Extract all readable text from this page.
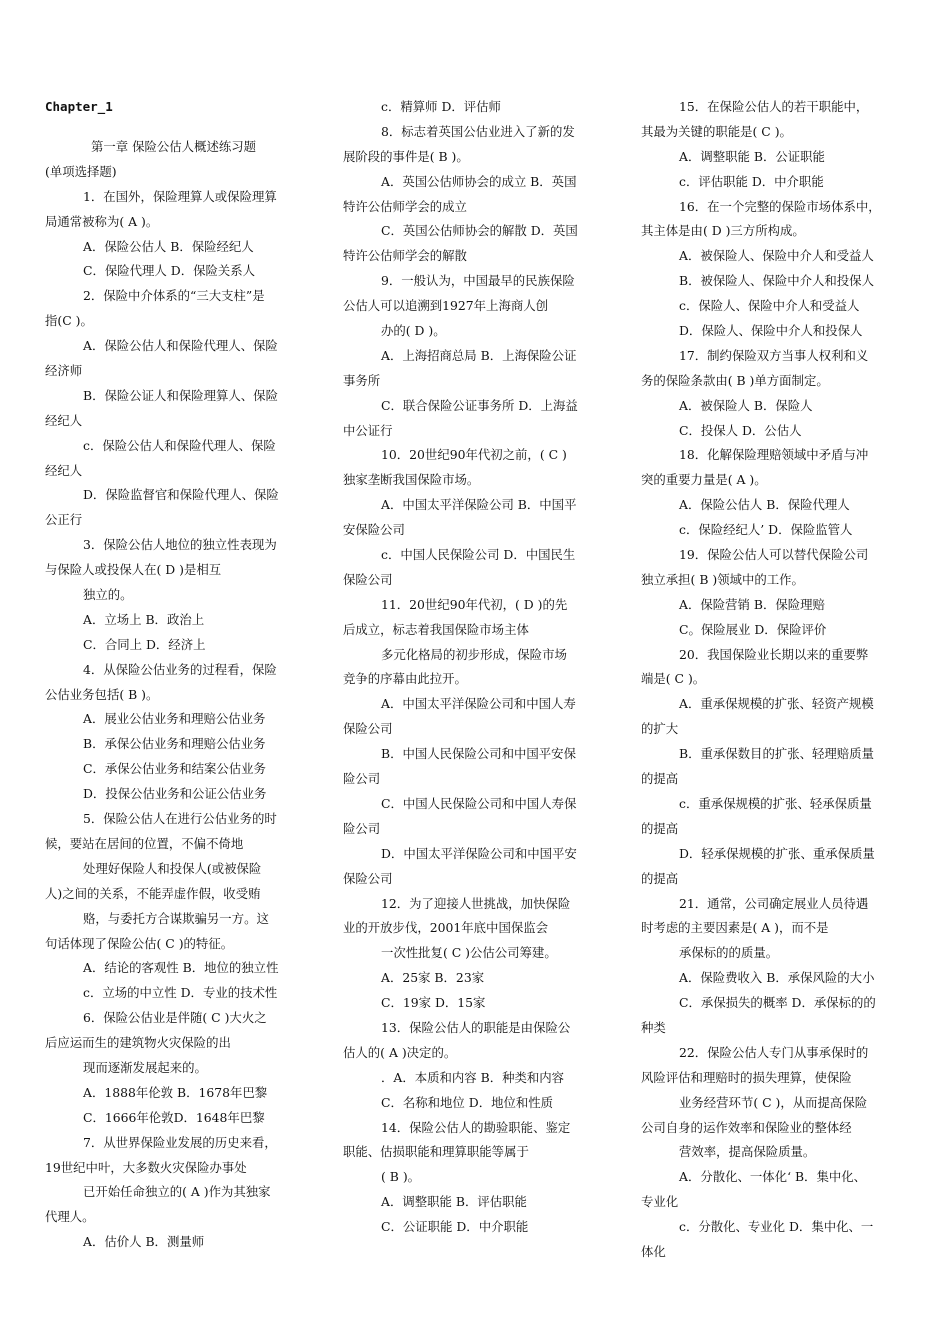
Chapter_1
第一章 保险公估人概述练习题
(单项选择题)
1．在国外，保险理算人或保险理算
局通常被称为( A )。
A．保险公估人 B．保险经纪人
C．保险代理人 D．保险关系人
2．保险中介体系的“三大支柱”是
指(C )。
A．保险公估人和保险代理人、保险
经济师
B．保险公证人和保险理算人、保险
经纪人
c．保险公估人和保险代理人、保险
经纪人
D．保险监督官和保险代理人、保险
公正行
3．保险公估人地位的独立性表现为
与保险人或投保人在( D )是相互
独立的。
A．立场上 B．政治上
C．合同上 D．经济上
4．从保险公估业务的过程看，保险
公估业务包括( B )。
A．展业公估业务和理赔公估业务
B．承保公估业务和理赔公估业务
C．承保公估业务和结案公估业务
D．投保公估业务和公证公估业务
5．保险公估人在进行公估业务的时
候，要站在居间的位置，不偏不倚地
处理好保险人和投保人(或被保险
人)之间的关系，不能弄虚作假，收受贿
赂，与委托方合谋欺骗另一方。这
句话体现了保险公估( C )的特征。
A．结论的客观性 B．地位的独立性
c．立场的中立性 D．专业的技术性
6．保险公估业是伴随( C )大火之
后应运而生的建筑物火灾保险的出
现而逐渐发展起来的。
A．1888年伦敦 B．1678年巴黎
C．1666年伦敦D．1648年巴黎
7．从世界保险业发展的历史来看，
19世纪中叶，大多数火灾保险办事处
已开始任命独立的( A )作为其独家
代理人。
A．估价人 B．测量师
c．精算师 D．评估师
8．标志着英国公估业进入了新的发
展阶段的事件是( B )。
A．英国公估师协会的成立 B．英国
特许公估师学会的成立
C．英国公估师协会的解散 D．英国
特许公估师学会的解散
9．一般认为，中国最早的民族保险
公估人可以追溯到1927年上海商人创
办的( D )。
A．上海招商总局 B．上海保险公证
事务所
C．联合保险公证事务所 D．上海益
中公证行
10．20世纪90年代初之前，( C )
独家垄断我国保险市场。
A．中国太平洋保险公司 B．中国平
安保险公司
c．中国人民保险公司 D．中国民生
保险公司
11．20世纪90年代初，( D )的先
后成立，标志着我国保险市场主体
多元化格局的初步形成，保险市场
竞争的序幕由此拉开。
A．中国太平洋保险公司和中国人寿
保险公司
B．中国人民保险公司和中国平安保
险公司
C．中国人民保险公司和中国人寿保
险公司
D．中国太平洋保险公司和中国平安
保险公司
12．为了迎接人世挑战，加快保险
业的开放步伐，2001年底中国保监会
一次性批复( C )公估公司筹建。
A．25家 B．23家
C．19家 D．15家
13．保险公估人的职能是由保险公
估人的( A )决定的。
．A．本质和内容 B．种类和内容
C．名称和地位 D．地位和性质
14．保险公估人的勘验职能、鉴定
职能、估损职能和理算职能等属于
( B )。
A．调整职能 B．评估职能
C．公证职能 D．中介职能
15．在保险公估人的若干职能中，
其最为关键的职能是( C )。
A．调整职能 B．公证职能
c．评估职能 D．中介职能
16．在一个完整的保险市场体系中，
其主体是由( D )三方所构成。
A．被保险人、保险中介人和受益人
B．被保险人、保险中介人和投保人
c．保险人、保险中介人和受益人
D．保险人、保险中介人和投保人
17．制约保险双方当事人权利和义
务的保险条款由( B )单方面制定。
A．被保险人 B．保险人
C．投保人 D．公估人
18．化解保险理赔领域中矛盾与冲
突的重要力量是( A )。
A．保险公估人 B．保险代理人
c．保险经纪人’ D．保险监管人
19．保险公估人可以替代保险公司
独立承担( B )领域中的工作。
A．保险营销 B．保险理赔
C。保险展业 D．保险评价
20．我国保险业长期以来的重要弊
端是( C )。
A．重承保规模的扩张、轻资产规模
的扩大
B．重承保数目的扩张、轻理赔质量
的提高
c．重承保规模的扩张、轻承保质量
的提高
D．轻承保规模的扩张、重承保质量
的提高
21．通常，公司确定展业人员待遇
时考虑的主要因素是( A )，而不是
承保标的的质量。
A．保险费收入 B．承保风险的大小
C．承保损失的概率 D．承保标的的
种类
22．保险公估人专门从事承保时的
风险评估和理赔时的损失理算，使保险
业务经营环节( C )，从而提高保险
公司自身的运作效率和保险业的整体经
营效率，提高保险质量。
A．分散化、一体化‘ B．集中化、
专业化
c．分散化、专业化 D．集中化、一
体化
